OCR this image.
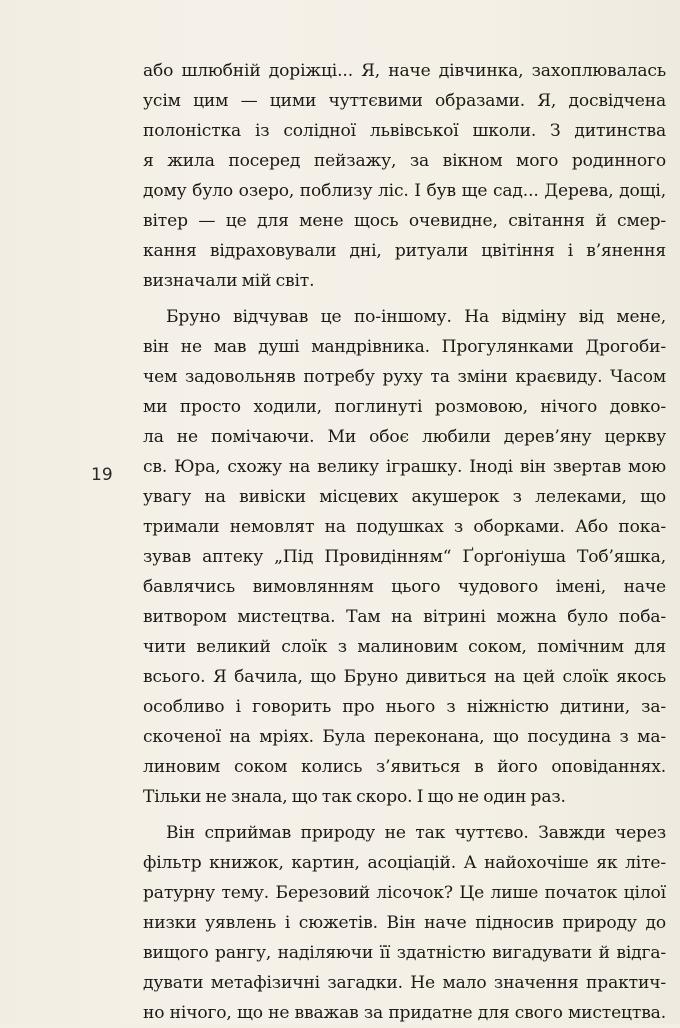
19
або шлюбній доріжці... Я, наче дівчинка, захоплювалась
усім цим — цими чуттєвими образами. Я, досвідчена
полоністка із солідної львівської школи. З дитинства
я жила посеред пейзажу, за вікном мого родинного
дому було озеро, поблизу ліс. І був ще сад... Дерева, дощі,
вітер — це для мене щось очевидне, світання й смер-
кання відраховували дні, ритуали цвітіння і в’янення
визначали мій світ.
Бруно відчував це по-іншому. На відміну від мене,
він не мав душі мандрівника. Прогулянками Дрогоби-
чем задовольняв потребу руху та зміни краєвиду. Часом
ми просто ходили, поглинуті розмовою, нічого довко-
ла не помічаючи. Ми обоє любили дерев’яну церкву
св. Юра, схожу на велику іграшку. Іноді він звертав мою
увагу на вивіски місцевих акушерок з лелеками, що
тримали немовлят на подушках з оборками. Або пока-
зував аптеку „Під Провидінням“ Ґорґоніуша Тоб’яшка,
бавлячись вимовлянням цього чудового імені, наче
витвором мистецтва. Там на вітрині можна було поба-
чити великий слоїк з малиновим соком, помічним для
всього. Я бачила, що Бруно дивиться на цей слоїк якось
особливо і говорить про нього з ніжністю дитини, за-
скоченої на мріях. Була переконана, що посудина з ма-
линовим соком колись з’явиться в його оповіданнях.
Тільки не знала, що так скоро. І що не один раз.
Він сприймав природу не так чуттєво. Завжди через
фільтр книжок, картин, асоціацій. А найохочіше як літе-
ратурну тему. Березовий лісочок? Це лише початок цілої
низки уявлень і сюжетів. Він наче підносив природу до
вищого рангу, наділяючи її здатністю вигадувати й відга-
дувати метафізичні загадки. Не мало значення практич-
но нічого, що не вважав за придатне для свого мистецтва.
